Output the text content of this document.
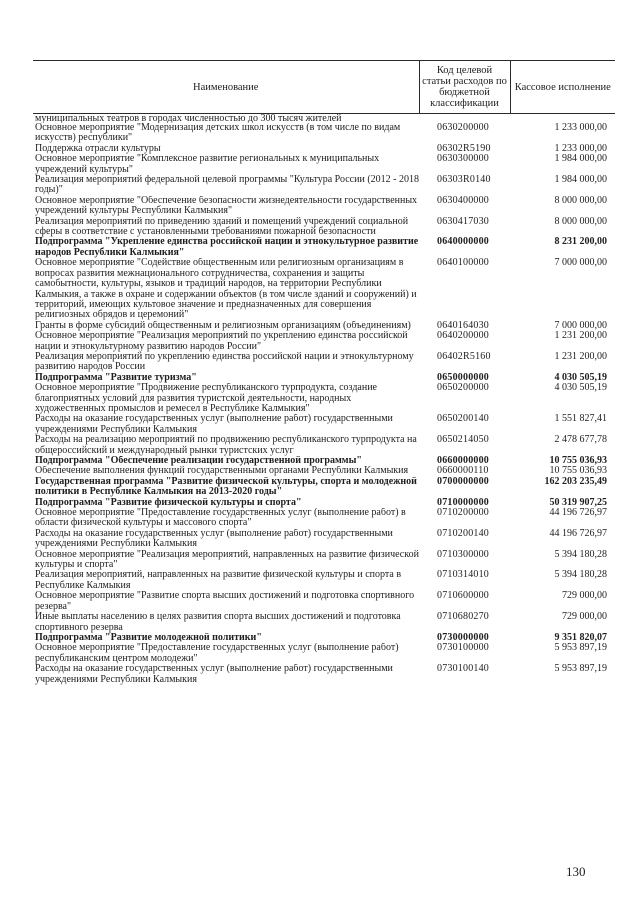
Наименование	Код целевой статьи расходов по бюджетной классификации	Кассовое исполнение
муниципальных театров в городах численностью до 300 тысяч жителей		
Основное мероприятие "Модернизация детских школ искусств (в том числе по видам искусств) республики"	0630200000	1 233 000,00
Поддержка отрасли культуры	06302R5190	1 233 000,00
Основное мероприятие "Комплексное развитие региональных к муниципальных учреждений культуры"	0630300000	1 984 000,00
Реализация мероприятий федеральной целевой программы "Культура России (2012 - 2018 годы)"	06303R0140	1 984 000,00
Основное мероприятие "Обеспечение безопасности жизнедеятельности государственных учреждений культуры Республики Калмыкия"	0630400000	8 000 000,00
Реализация мероприятий по приведению зданий и помещений учреждений социальной сферы в соответствие с установленными требованиями пожарной безопасности	0630417030	8 000 000,00
Подпрограмма "Укрепление единства российской нации и этнокультурное развитие народов Республики Калмыкия"	0640000000	8 231 200,00
Основное мероприятие "Содействие общественным или религиозным организациям в вопросах развития межнационального сотрудничества, сохранения и защиты самобытности, культуры, языков и традиций народов, на территории Республики Калмыкия, а также в охране и содержании объектов (в том числе зданий и сооружений) и территорий, имеющих культовое значение и предназначенных для совершения религиозных обрядов и церемоний"	0640100000	7 000 000,00
Гранты в форме субсидий общественным и религиозным организациям (объединениям)	0640164030	7 000 000,00
Основное мероприятие "Реализация мероприятий по укреплению единства российской нации и этнокультурному развитию народов России"	0640200000	1 231 200,00
Реализация мероприятий по укреплению единства российской нации и этнокультурному развитию народов России	06402R5160	1 231 200,00
Подпрограмма "Развитие туризма"	0650000000	4 030 505,19
Основное мероприятие "Продвижение республиканского турпродукта, создание благоприятных условий для развития туристской деятельности, народных художественных промыслов и ремесел в Республике Калмыкия"	0650200000	4 030 505,19
Расходы на оказание государственных услуг (выполнение работ) государственными учреждениями Республики Калмыкия	0650200140	1 551 827,41
Расходы на реализацию мероприятий по продвижению республиканского турпродукта на общероссийский и международный рынки туристских услуг	0650214050	2 478 677,78
Подпрограмма "Обеспечение реализации государственной программы"	0660000000	10 755 036,93
Обеспечение выполнения функций государственными органами Республики Калмыкия	0660000110	10 755 036,93
Государственная программа "Развитие физической культуры, спорта и молодежной политики в Республике Калмыкия на 2013-2020 годы"	0700000000	162 203 235,49
Подпрограмма "Развитие физической культуры и спорта"	0710000000	50 319 907,25
Основное мероприятие "Предоставление государственных услуг (выполнение работ) в области физической культуры и массового спорта"	0710200000	44 196 726,97
Расходы на оказание государственных услуг (выполнение работ) государственными учреждениями Республики Калмыкия	0710200140	44 196 726,97
Основное мероприятие "Реализация мероприятий, направленных на развитие физической культуры и спорта"	0710300000	5 394 180,28
Реализация мероприятий, направленных на развитие физической культуры и спорта в Республике Калмыкия	0710314010	5 394 180,28
Основное мероприятие "Развитие спорта высших достижений и подготовка спортивного резерва"	0710600000	729 000,00
Иные выплаты населению в целях развития спорта высших достижений и подготовка спортивного резерва	0710680270	729 000,00
Подпрограмма "Развитие молодежной политики"	0730000000	9 351 820,07
Основное мероприятие "Предоставление государственных услуг (выполнение работ) республиканским центром молодежи"	0730100000	5 953 897,19
Расходы на оказание государственных услуг (выполнение работ) государственными учреждениями Республики Калмыкия	0730100140	5 953 897,19
130
